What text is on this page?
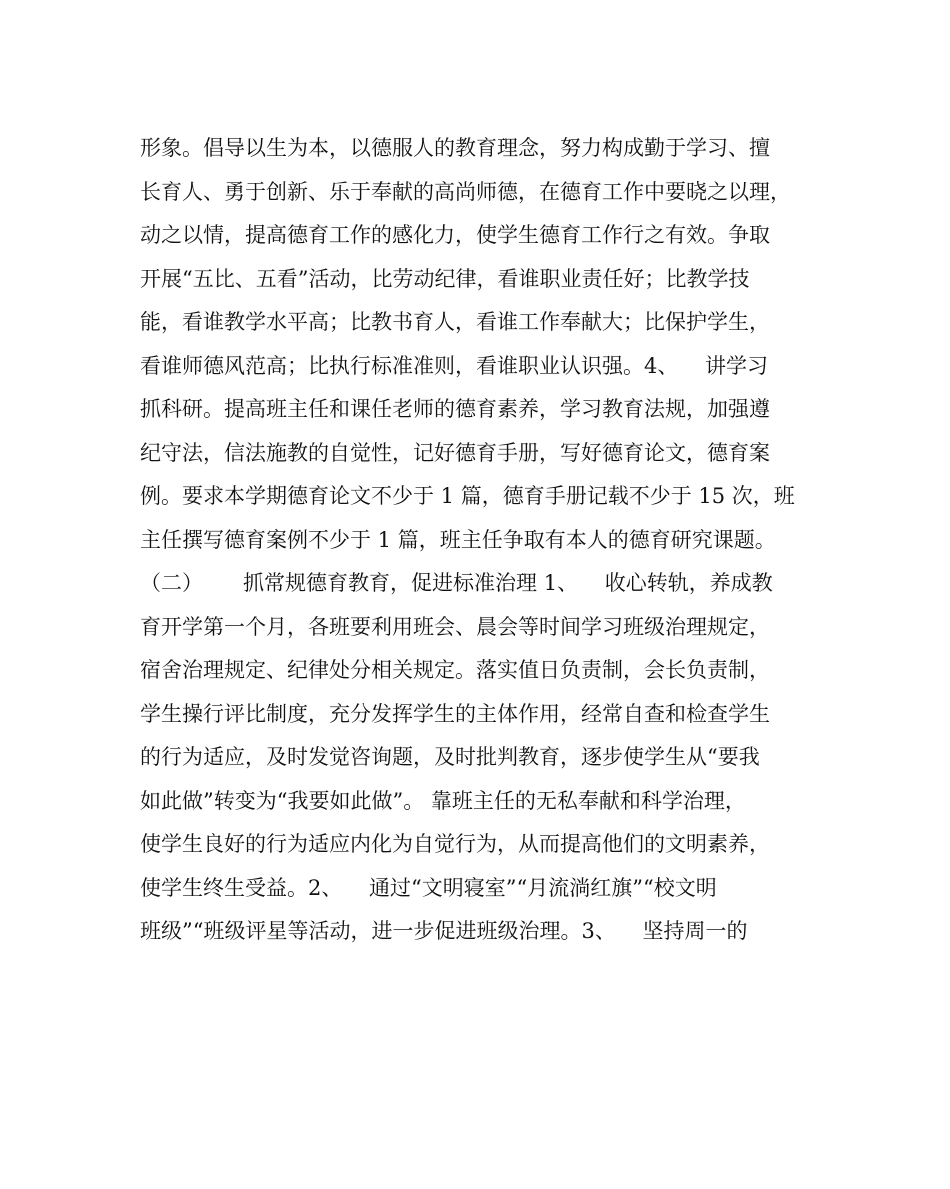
形象。倡导以生为本，以德服人的教育理念，努力构成勤于学习、擅
长育人、勇于创新、乐于奉献的高尚师德，在德育工作中要晓之以理，
动之以情，提高德育工作的感化力，使学生德育工作行之有效。争取
开展“五比、五看”活动，比劳动纪律，看谁职业责任好；比教学技
能，看谁教学水平高；比教书育人，看谁工作奉献大；比保护学生，
看谁师德风范高；比执行标准准则，看谁职业认识强。4、    讲学习
抓科研。提高班主任和课任老师的德育素养，学习教育法规，加强遵
纪守法，信法施教的自觉性，记好德育手册，写好德育论文，德育案
例。要求本学期德育论文不少于 1 篇，德育手册记载不少于 15 次，班
主任撰写德育案例不少于 1 篇，班主任争取有本人的德育研究课题。
（二）      抓常规德育教育，促进标准治理 1、    收心转轨，养成教
育开学第一个月，各班要利用班会、晨会等时间学习班级治理规定，
宿舍治理规定、纪律处分相关规定。落实值日负责制，会长负责制，
学生操行评比制度，充分发挥学生的主体作用，经常自查和检查学生
的行为适应，及时发觉咨询题，及时批判教育，逐步使学生从“要我
如此做”转变为“我要如此做”。 靠班主任的无私奉献和科学治理，
使学生良好的行为适应内化为自觉行为，从而提高他们的文明素养，
使学生终生受益。2、    通过“文明寝室”“月流淌红旗”“校文明
班级”“班级评星等活动，进一步促进班级治理。3、    坚持周一的
